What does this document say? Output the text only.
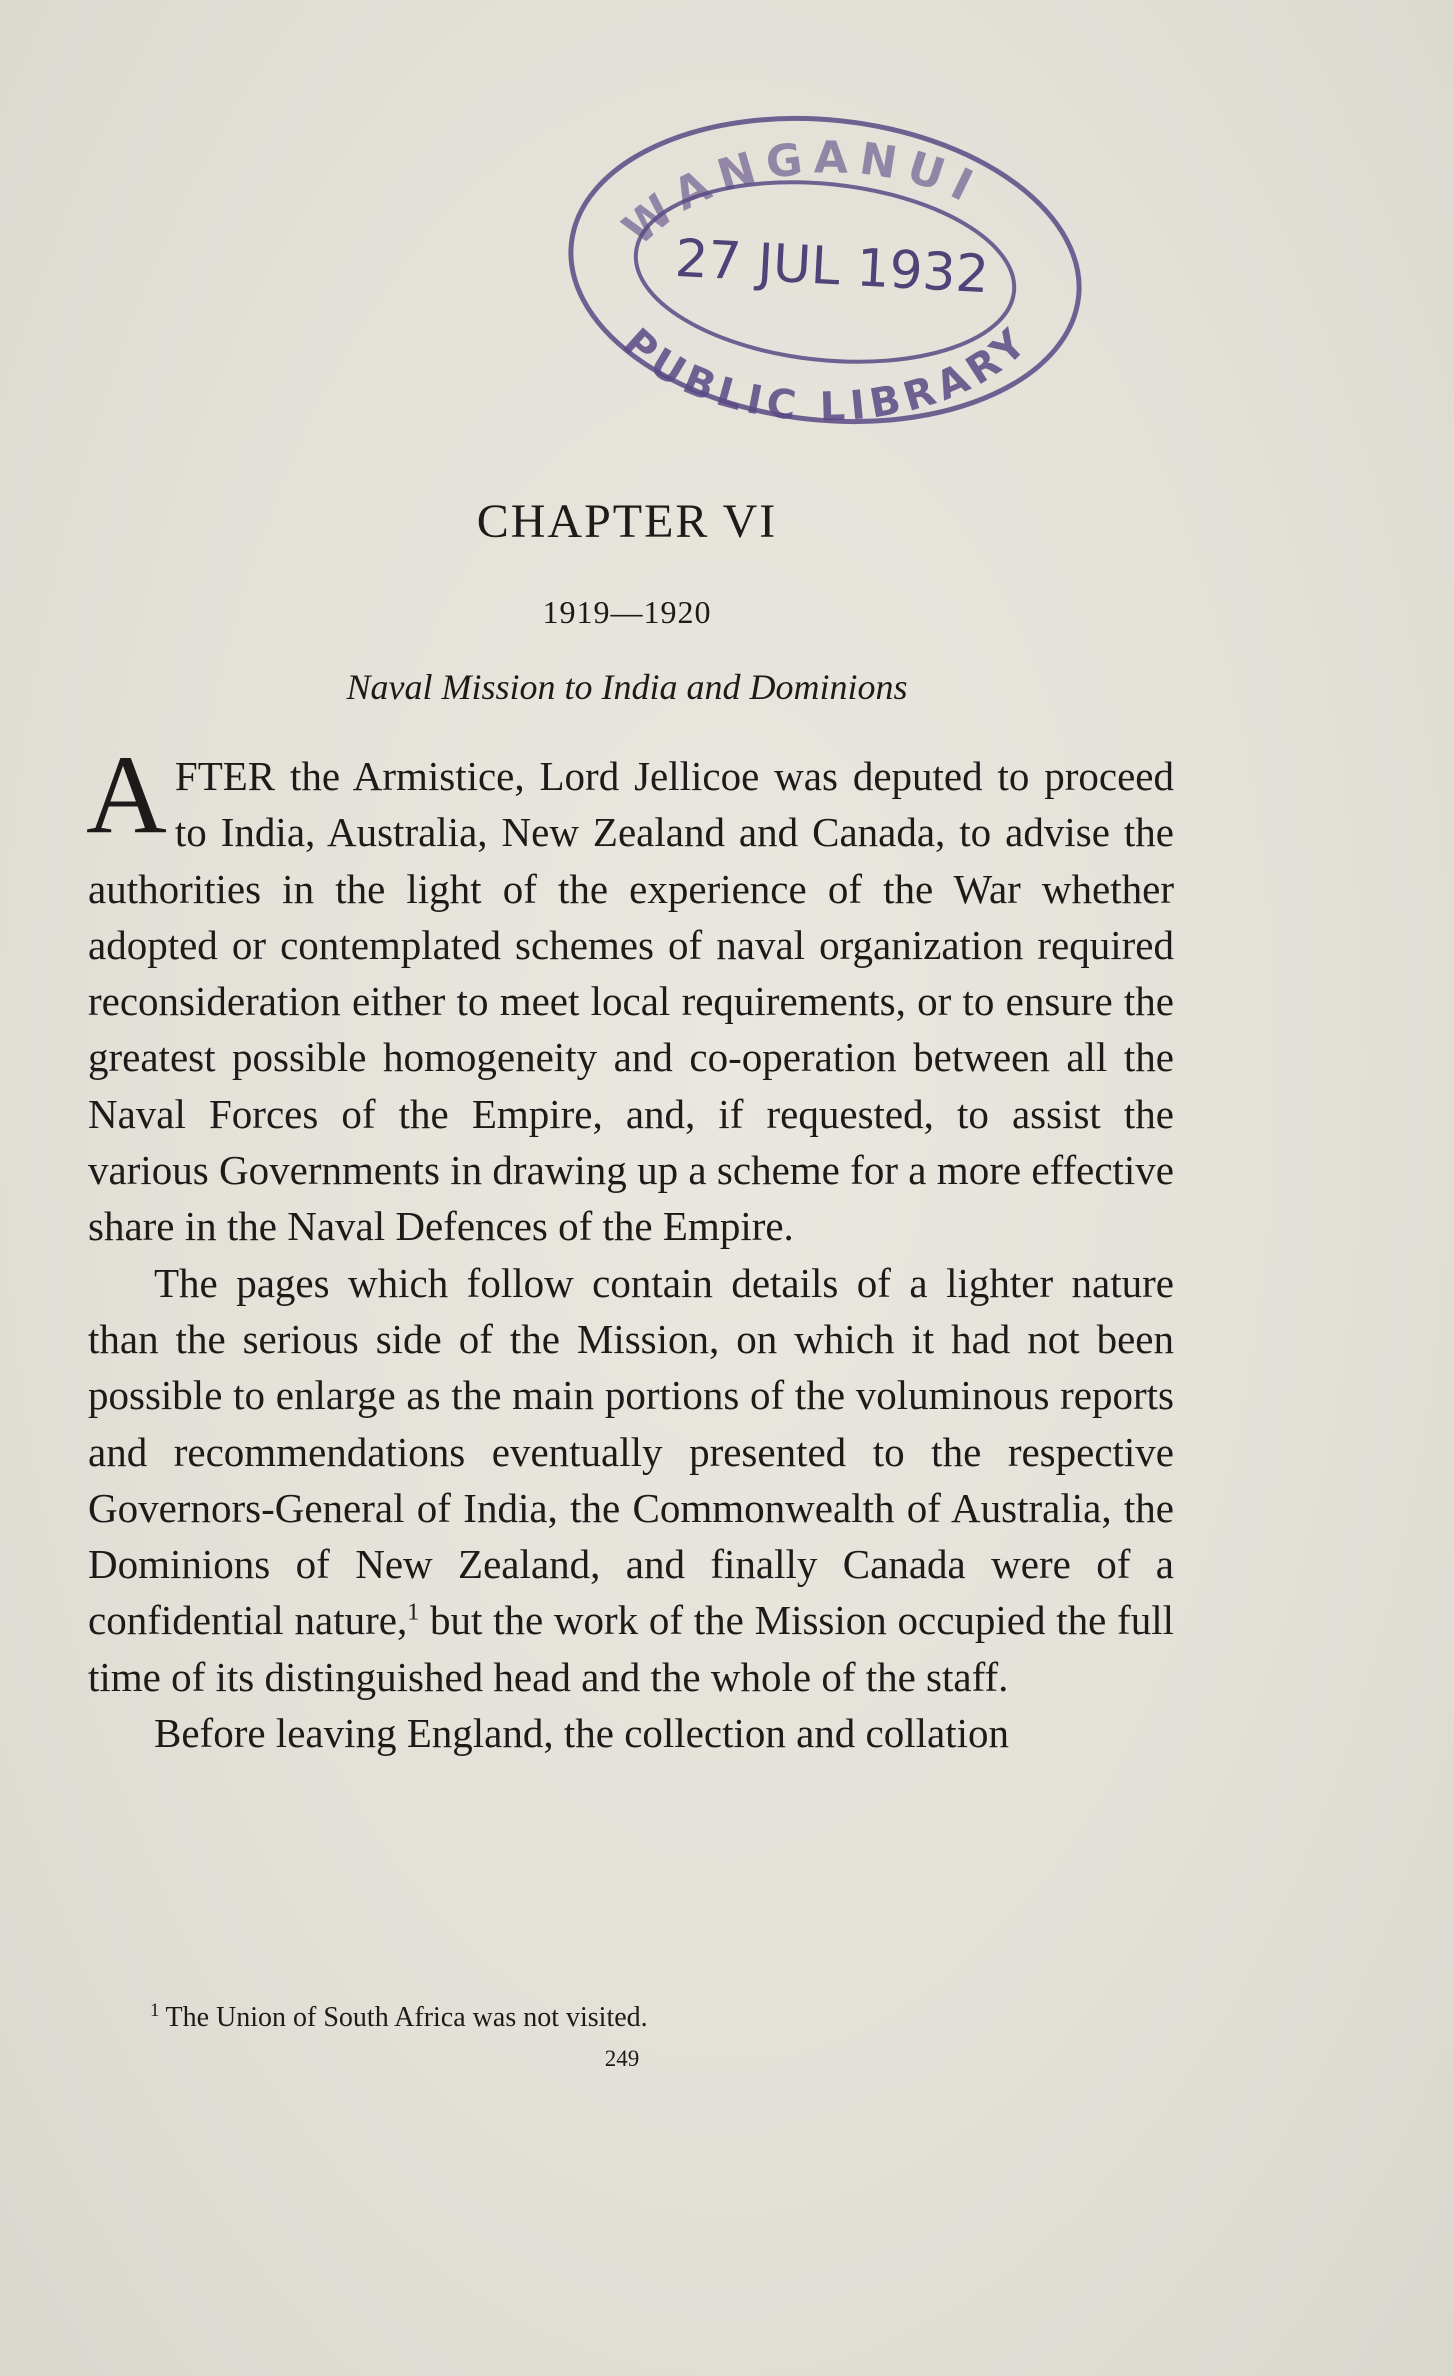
WANGANUI
27 JUL 1932
PUBLIC LIBRARY
CHAPTER VI
1919—1920
Naval Mission to India and Dominions

AFTER the Armistice, Lord Jellicoe was deputed to proceed to India, Australia, New Zealand and Canada, to advise the authorities in the light of the experience of the War whether adopted or contemplated schemes of naval organization required reconsideration either to meet local requirements, or to ensure the greatest possible homogeneity and co-operation between all the Naval Forces of the Empire, and, if requested, to assist the various Governments in drawing up a scheme for a more effective share in the Naval Defences of the Empire.

The pages which follow contain details of a lighter nature than the serious side of the Mission, on which it had not been possible to enlarge as the main portions of the voluminous reports and recommendations eventually presented to the respective Governors-General of India, the Commonwealth of Australia, the Dominions of New Zealand, and finally Canada were of a confidential nature,$^1$ but the work of the Mission occupied the full time of its distinguished head and the whole of the staff.

Before leaving England, the collection and collation

$^1$ The Union of South Africa was not visited.
249
